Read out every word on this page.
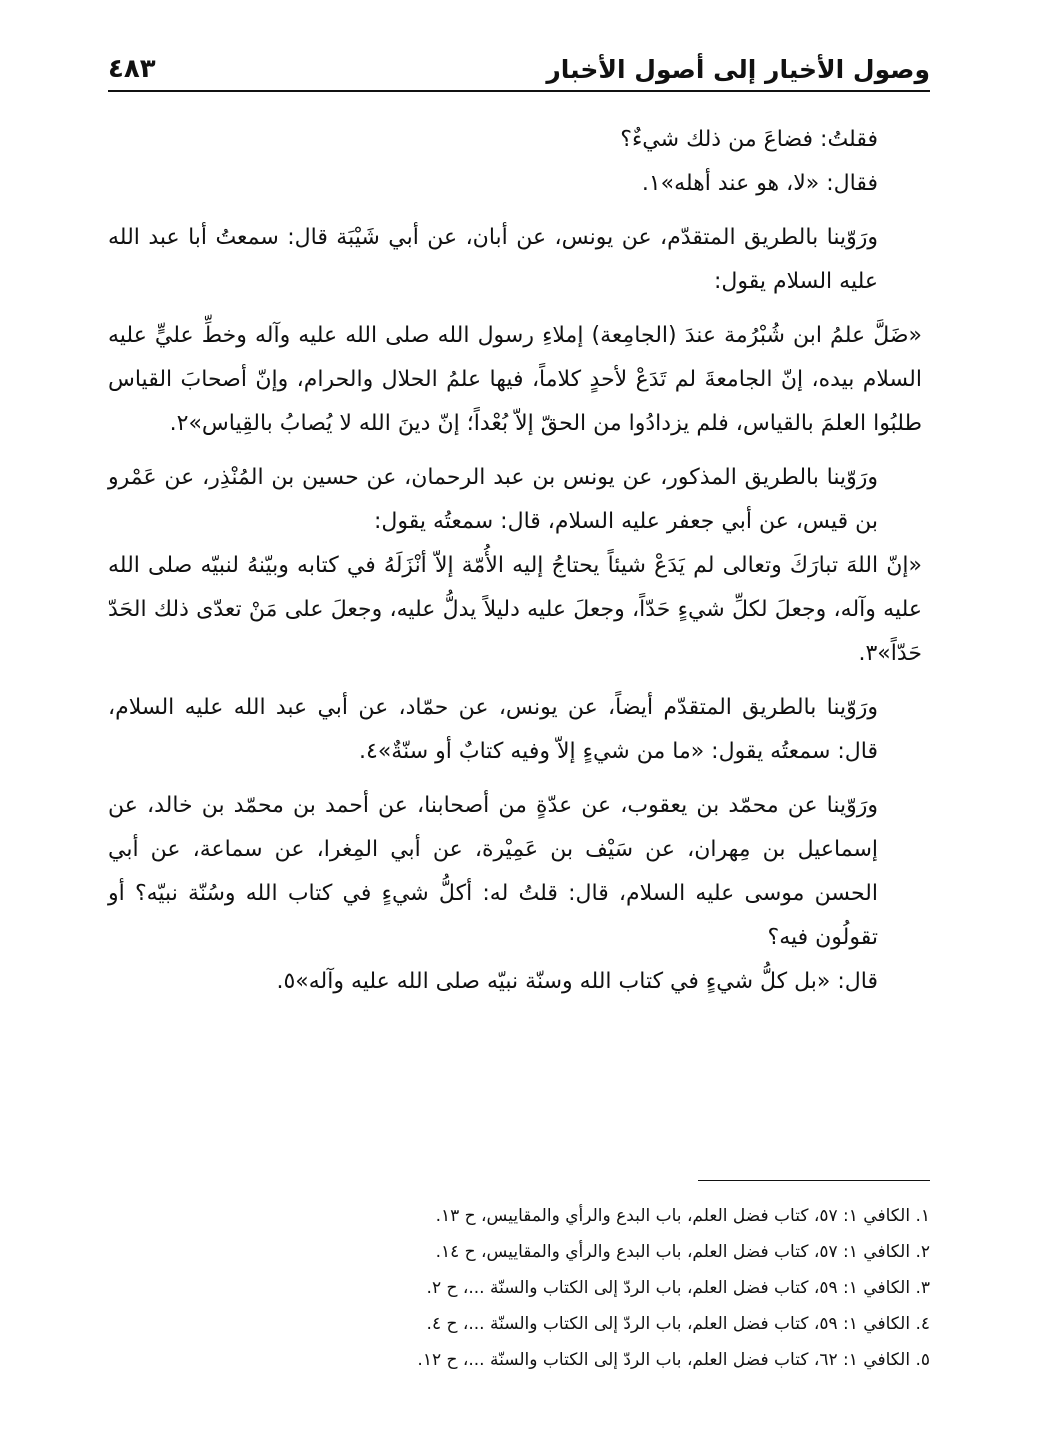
٤٨٣	وصول الأخيار إلى أصول الأخبار

فقلتُ: فضاعَ من ذلك شيءٌ؟

فقال: «لا، هو عند أهله»١.

ورَوّينا بالطريق المتقدّم، عن يونس، عن أبان، عن أبي شَيْبَة قال: سمعتُ أبا عبد الله عليه السلام يقول:

«ضَلَّ علمُ ابن شُبْرُمة عندَ (الجامِعة) إملاءِ رسول الله صلى الله عليه وآله وخطِّ عليٍّ عليه السلام بيده، إنّ الجامعةَ لم تَدَعْ لأحدٍ كلاماً، فيها علمُ الحلال والحرام، وإنّ أصحابَ القياس طلبُوا العلمَ بالقياس، فلم يزدادُوا من الحقّ إلاّ بُعْداً؛ إنّ دينَ الله لا يُصابُ بالقِياس»٢.

ورَوّينا بالطريق المذكور، عن يونس بن عبد الرحمان، عن حسين بن المُنْذِر، عن عَمْرو بن قيس، عن أبي جعفر عليه السلام، قال: سمعتُه يقول:

«إنّ اللهَ تبارَكَ وتعالى لم يَدَعْ شيئاً يحتاجُ إليه الأُمّة إلاّ أنْزَلَهُ في كتابه وبيّنهُ لنبيّه صلى الله عليه وآله، وجعلَ لكلِّ شيءٍ حَدّاً، وجعلَ عليه دليلاً يدلُّ عليه، وجعلَ على مَنْ تعدّى ذلك الحَدّ حَدّاً»٣.

ورَوّينا بالطريق المتقدّم أيضاً، عن يونس، عن حمّاد، عن أبي عبد الله عليه السلام، قال: سمعتُه يقول: «ما من شيءٍ إلاّ وفيه كتابٌ أو سنّةٌ»٤.

ورَوّينا عن محمّد بن يعقوب، عن عدّةٍ من أصحابنا، عن أحمد بن محمّد بن خالد، عن إسماعيل بن مِهران، عن سَيْف بن عَمِيْرة، عن أبي المِغرا، عن سماعة، عن أبي الحسن موسى عليه السلام، قال: قلتُ له: أكلُّ شيءٍ في كتاب الله وسُنّة نبيّه؟ أو تقولُون فيه؟

قال: «بل كلُّ شيءٍ في كتاب الله وسنّة نبيّه صلى الله عليه وآله»٥.

١. الكافي ١: ٥٧، كتاب فضل العلم، باب البدع والرأي والمقاييس، ح ١٣.

٢. الكافي ١: ٥٧، كتاب فضل العلم، باب البدع والرأي والمقاييس، ح ١٤.

٣. الكافي ١: ٥٩، كتاب فضل العلم، باب الردّ إلى الكتاب والسنّة ...، ح ٢.

٤. الكافي ١: ٥٩، كتاب فضل العلم، باب الردّ إلى الكتاب والسنّة ...، ح ٤.

٥. الكافي ١: ٦٢، كتاب فضل العلم، باب الردّ إلى الكتاب والسنّة ...، ح ١٢.
